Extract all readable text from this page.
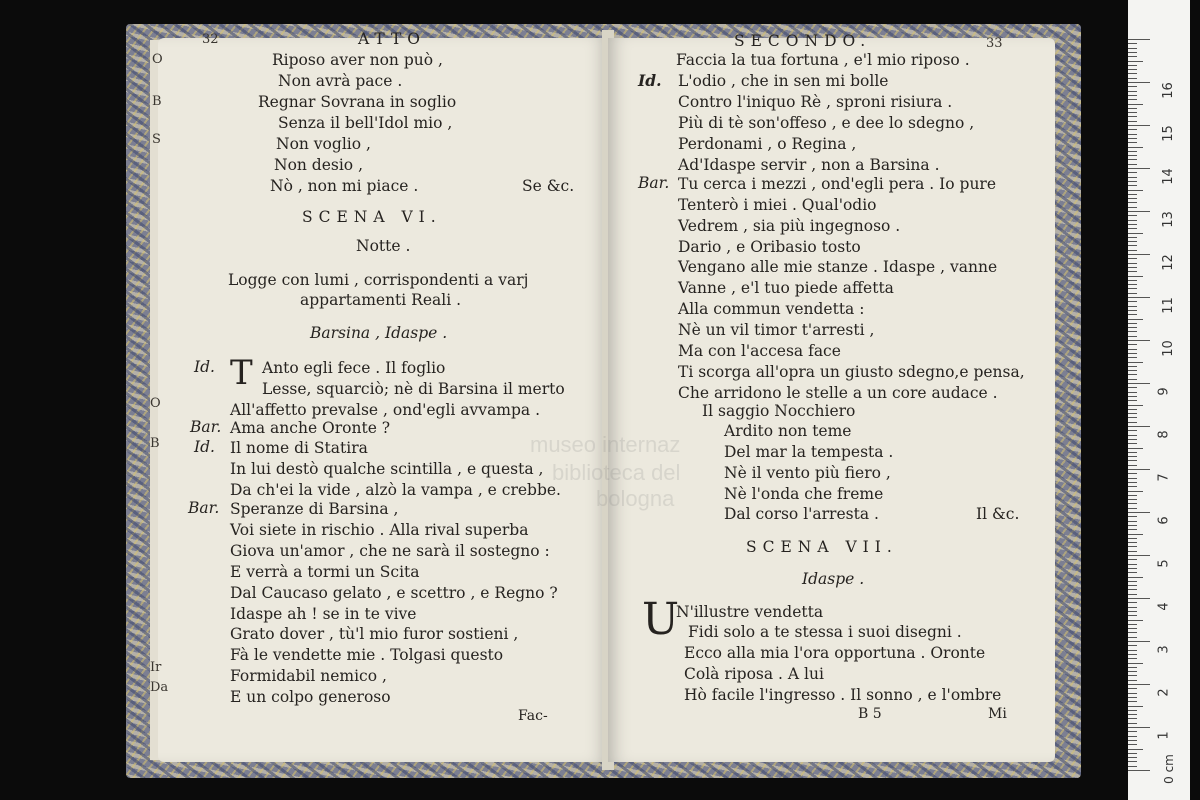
32	ATTO
Riposo aver non può ,
Non avrà pace .
Regnar Sovrana in soglio
Senza il bell'Idol mio ,
Non voglio ,
Non desio ,
Nò , non mi piace .	Se &c.
SCENA VI.
Notte .
Logge con lumi , corrispondenti a varj
appartamenti Reali .
Barsina , Idaspe .
Id. T Anto egli fece . Il foglio
Lesse, squarciò; nè di Barsina il merto
All'affetto prevalse , ond'egli avvampa .
Bar. Ama anche Oronte ?
Id. Il nome di Statira
In lui destò qualche scintilla , e questa ,
Da ch'ei la vide , alzò la vampa , e crebbe.
Bar. Speranze di Barsina ,
Voi siete in rischio . Alla rival superba
Giova un'amor , che ne sarà il sostegno :
E verrà a tormi un Scita
Dal Caucaso gelato , e scettro , e Regno ?
Idaspe ah ! se in te vive
Grato dover , tù'l mio furor sostieni ,
Fà le vendette mie . Tolgasi questo
Formidabil nemico ,
E un colpo generoso
Fac-
O
B
S
O
B
Ir
Da
SECONDO.	33
Faccia la tua fortuna , e'l mio riposo .
Id. L'odio , che in sen mi bolle
Contro l'iniquo Rè , sproni risiura .
Più di tè son'offeso , e dee lo sdegno ,
Perdonami , o Regina ,
Ad'Idaspe servir , non a Barsina .
Bar. Tu cerca i mezzi , ond'egli pera . Io pure
Tenterò i miei . Qual'odio
Vedrem , sia più ingegnoso .
Dario , e Oribasio tosto
Vengano alle mie stanze . Idaspe , vanne
Vanne , e'l tuo piede affetta
Alla commun vendetta :
Nè un vil timor t'arresti ,
Ma con l'accesa face
Ti scorga all'opra un giusto sdegno,e pensa,
Che arridono le stelle a un core audace .
Il saggio Nocchiero
Ardito non teme
Del mar la tempesta .
Nè il vento più fiero ,
Nè l'onda che freme
Dal corso l'arresta .	Il &c.
SCENA VII.
Idaspe .
U
N'illustre vendetta
Fidi solo a te stessa i suoi disegni .
Ecco alla mia l'ora opportuna . Oronte
Colà riposa . A lui
Hò facile l'ingresso . Il sonno , e l'ombre
B 5	Mi
museo internaz
biblioteca del
bologna
0 cm
1
2
3
4
5
6
7
8
9
10
11
12
13
14
15
16
